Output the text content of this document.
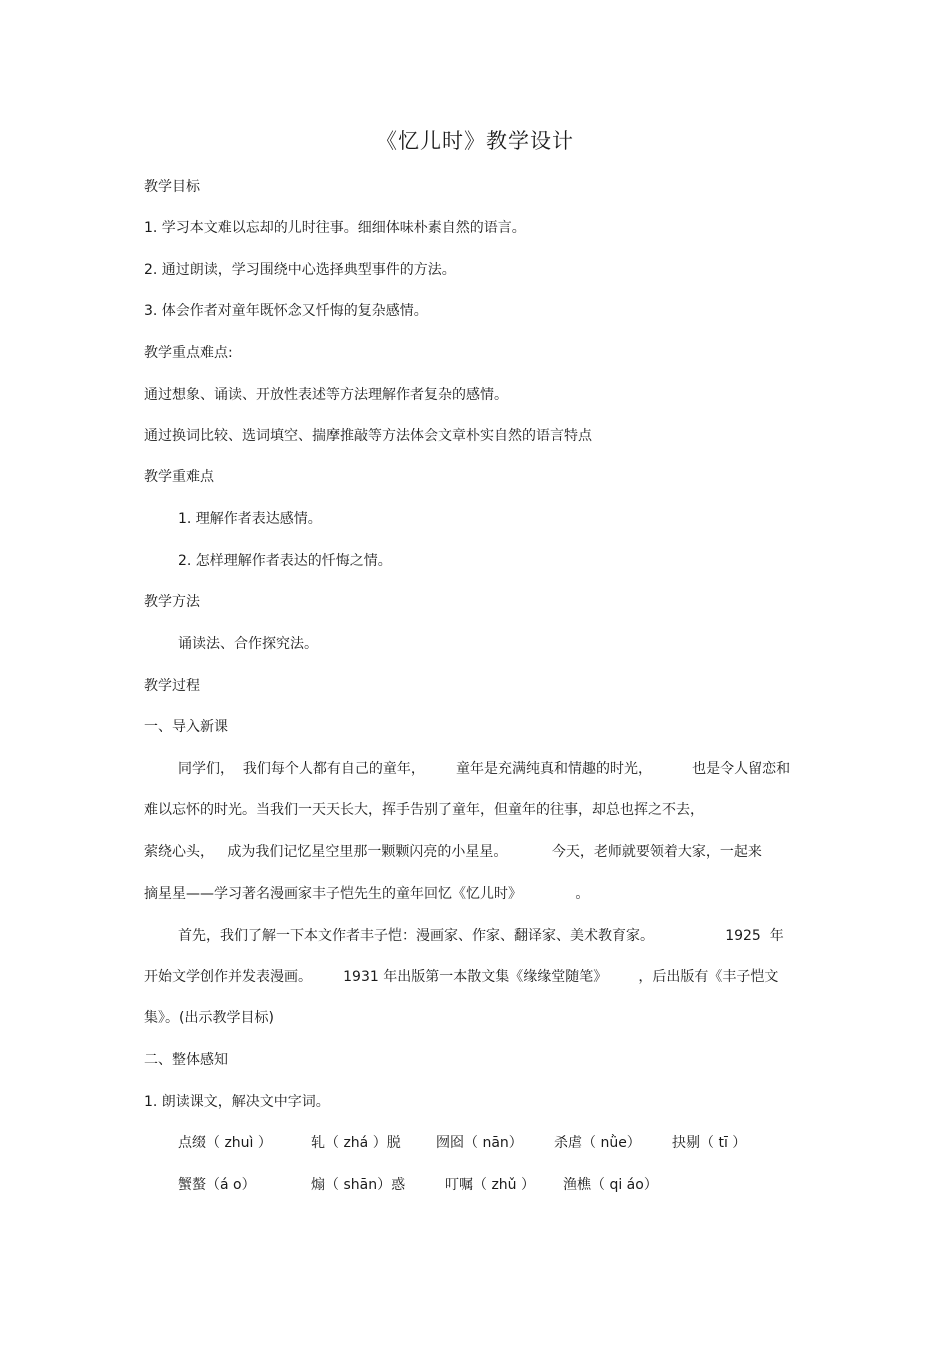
《忆儿时》教学设计
教学目标
1. 学习本文难以忘却的儿时往事。细细体味朴素自然的语言。
2. 通过朗读，学习围绕中心选择典型事件的方法。
3. 体会作者对童年既怀念又忏悔的复杂感情。
教学重点难点:
通过想象、诵读、开放性表述等方法理解作者复杂的感情。
通过换词比较、选词填空、揣摩推敲等方法体会文章朴实自然的语言特点
教学重难点
1. 理解作者表达感情。
2. 怎样理解作者表达的忏悔之情。
教学方法
诵读法、合作探究法。
教学过程
一、导入新课
同学们，  我们每个人都有自己的童年，       童年是充满纯真和情趣的时光，         也是令人留恋和
难以忘怀的时光。当我们一天天长大，挥手告别了童年，但童年的往事，却总也挥之不去，
萦绕心头，   成为我们记忆星空里那一颗颗闪亮的小星星。          今天，老师就要领着大家，一起来
摘星星——学习著名漫画家丰子恺先生的童年回忆《忆儿时》            。
首先，我们了解一下本文作者丰子恺：漫画家、作家、翻译家、美术教育家。                1925  年
开始文学创作并发表漫画。       1931 年出版第一本散文集《缘缘堂随笔》       ，后出版有《丰子恺文
集》。(出示教学目标)
二、整体感知
1. 朗读课文，解决文中字词。
点缀（ zhuì ）	轧（ zhá ）脱	囫囵（ nān） 杀虐（ nǜe） 抉剔（ tī ）
蟹螯（á o）	煽（ shān）惑	叮嘱（ zhǔ ） 渔樵（ qi áo）
